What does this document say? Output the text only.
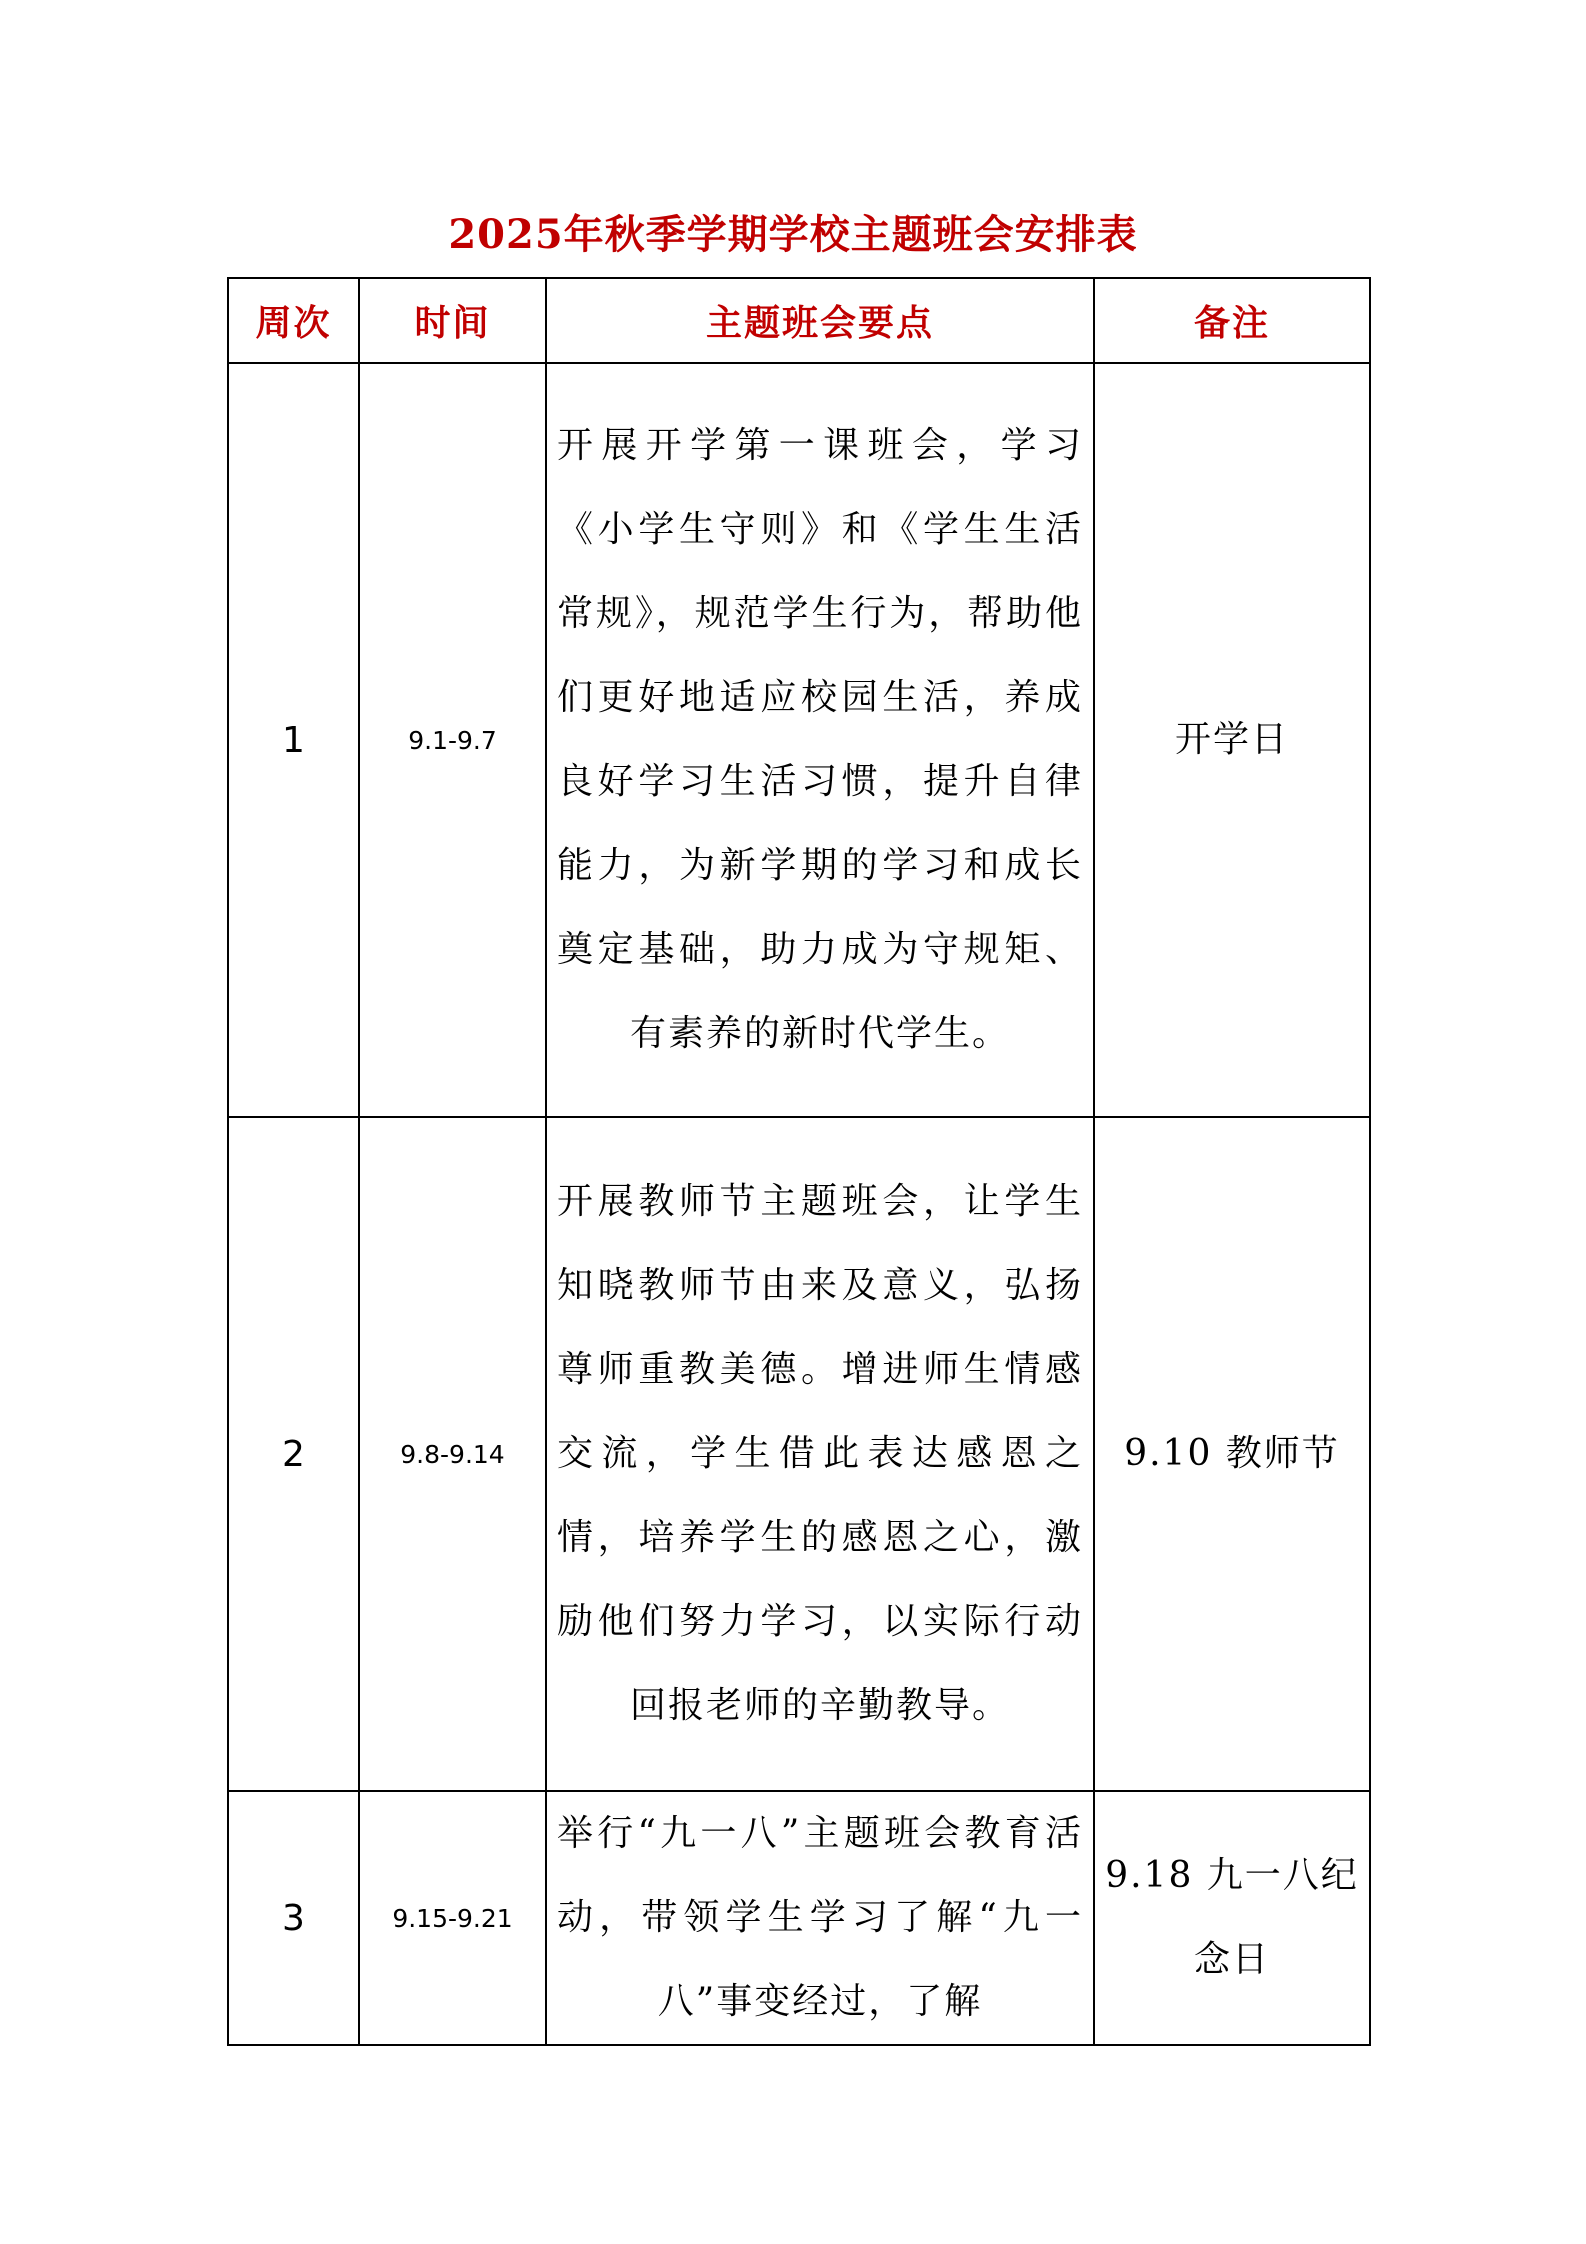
2025年秋季学期学校主题班会安排表
周次	时间	主题班会要点	备注
1	9.1-9.7	开展开学第一课班会，学习《小学生守则》和《学生生活常规》，规范学生行为，帮助他们更好地适应校园生活，养成良好学习生活习惯，提升自律能力，为新学期的学习和成长奠定基础，助力成为守规矩、有素养的新时代学生。	开学日
2	9.8-9.14	开展教师节主题班会，让学生知晓教师节由来及意义，弘扬尊师重教美德。增进师生情感交流，学生借此表达感恩之情，培养学生的感恩之心，激励他们努力学习，以实际行动回报老师的辛勤教导。	9.10 教师节
3	9.15-9.21	举行“九一八”主题班会教育活动，带领学生学习了解“九一八”事变经过，了解	9.18 九一八纪念日
